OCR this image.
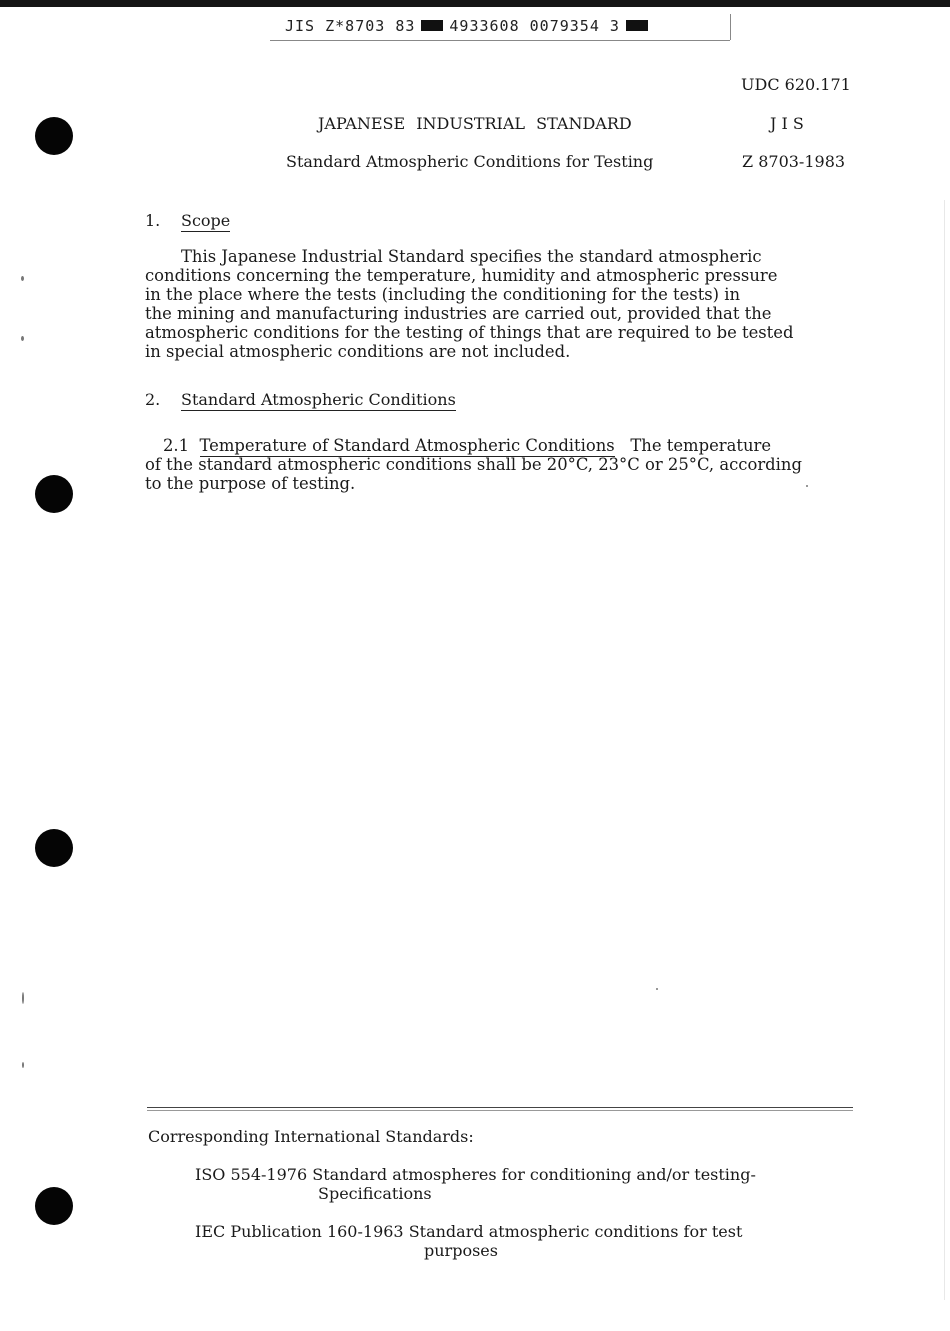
JIS Z*8703 83 4933608 0079354 3
UDC 620.171
JAPANESE INDUSTRIAL STANDARD	J I S
Standard Atmospheric Conditions for Testing	Z 8703-1983
1. Scope
This Japanese Industrial Standard specifies the standard atmospheric
conditions concerning the temperature, humidity and atmospheric pressure
in the place where the tests (including the conditioning for the tests) in
the mining and manufacturing industries are carried out, provided that the
atmospheric conditions for the testing of things that are required to be tested
in special atmospheric conditions are not included.
2. Standard Atmospheric Conditions
2.1 Temperature of Standard Atmospheric Conditions The temperature
of the standard atmospheric conditions shall be 20°C, 23°C or 25°C, according
to the purpose of testing.
Corresponding International Standards:
ISO 554-1976 Standard atmospheres for conditioning and/or testing-
Specifications
IEC Publication 160-1963 Standard atmospheric conditions for test
purposes
